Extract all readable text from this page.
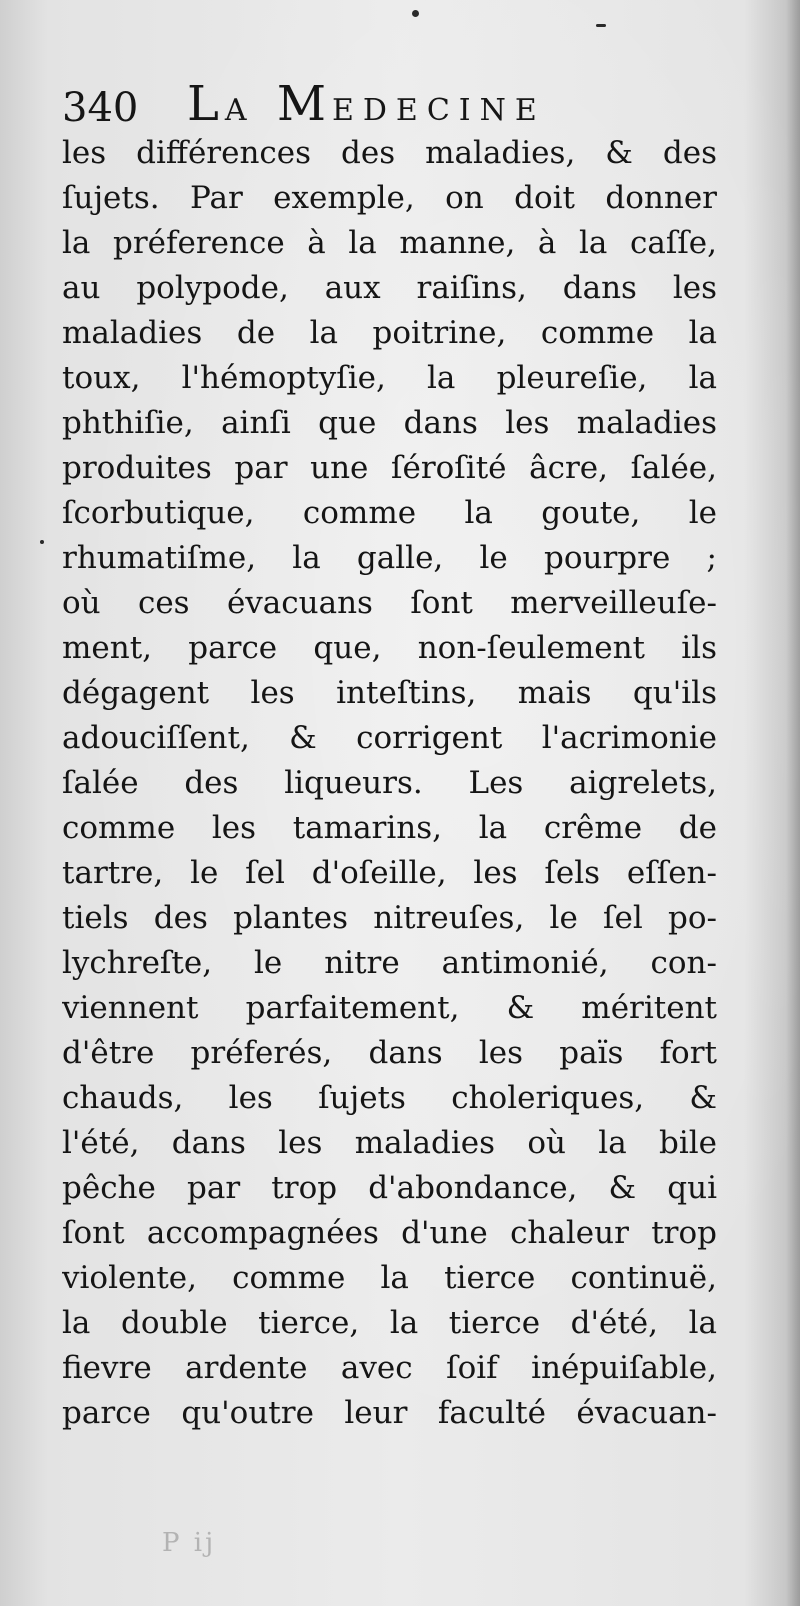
340 LA MEDECINE
les différences des maladies, & des
ſujets. Par exemple, on doit donner
la préference à la manne, à la caſſe,
au polypode, aux raiſins, dans les
maladies de la poitrine, comme la
toux, l'hémoptyſie, la pleureſie, la
phthiſie, ainſi que dans les maladies
produites par une ſéroſité âcre, ſalée,
ſcorbutique, comme la goute, le
rhumatiſme, la galle, le pourpre ;
où ces évacuans ſont merveilleuſe-
ment, parce que, non-ſeulement ils
dégagent les inteſtins, mais qu'ils
adouciſſent, & corrigent l'acrimonie
ſalée des liqueurs. Les aigrelets,
comme les tamarins, la crême de
tartre, le ſel d'oſeille, les ſels eſſen-
tiels des plantes nitreuſes, le ſel po-
lychreſte, le nitre antimonié, con-
viennent parfaitement, & méritent
d'être préferés, dans les païs fort
chauds, les ſujets choleriques, &
l'été, dans les maladies où la bile
pêche par trop d'abondance, & qui
ſont accompagnées d'une chaleur trop
violente, comme la tierce continuë,
la double tierce, la tierce d'été, la
fievre ardente avec ſoif inépuiſable,
parce qu'outre leur faculté évacuan-
P ij
